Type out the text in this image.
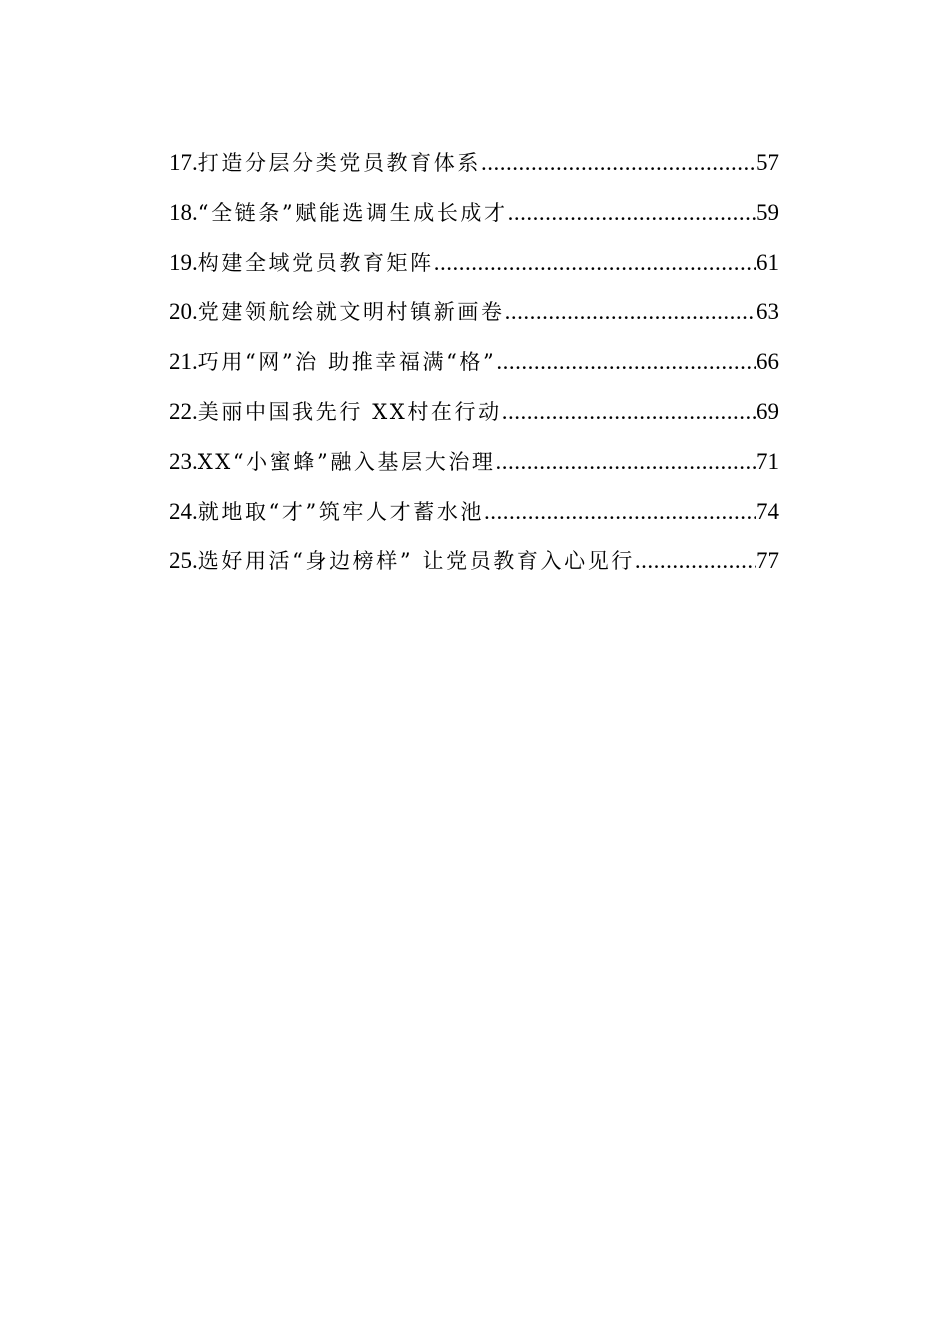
17. 打造分层分类党员教育体系 .....	57
18. “全链条”赋能选调生成长成才 .....	59
19. 构建全域党员教育矩阵 .....	61
20. 党建领航绘就文明村镇新画卷 .....	63
21. 巧用“网”治 助推幸福满“格” .....	66
22. 美丽中国我先行 XX村在行动 .....	69
23. XX“小蜜蜂”融入基层大治理 .....	71
24. 就地取“才”筑牢人才蓄水池 .....	74
25. 选好用活“身边榜样” 让党员教育入心见行 .....	77
